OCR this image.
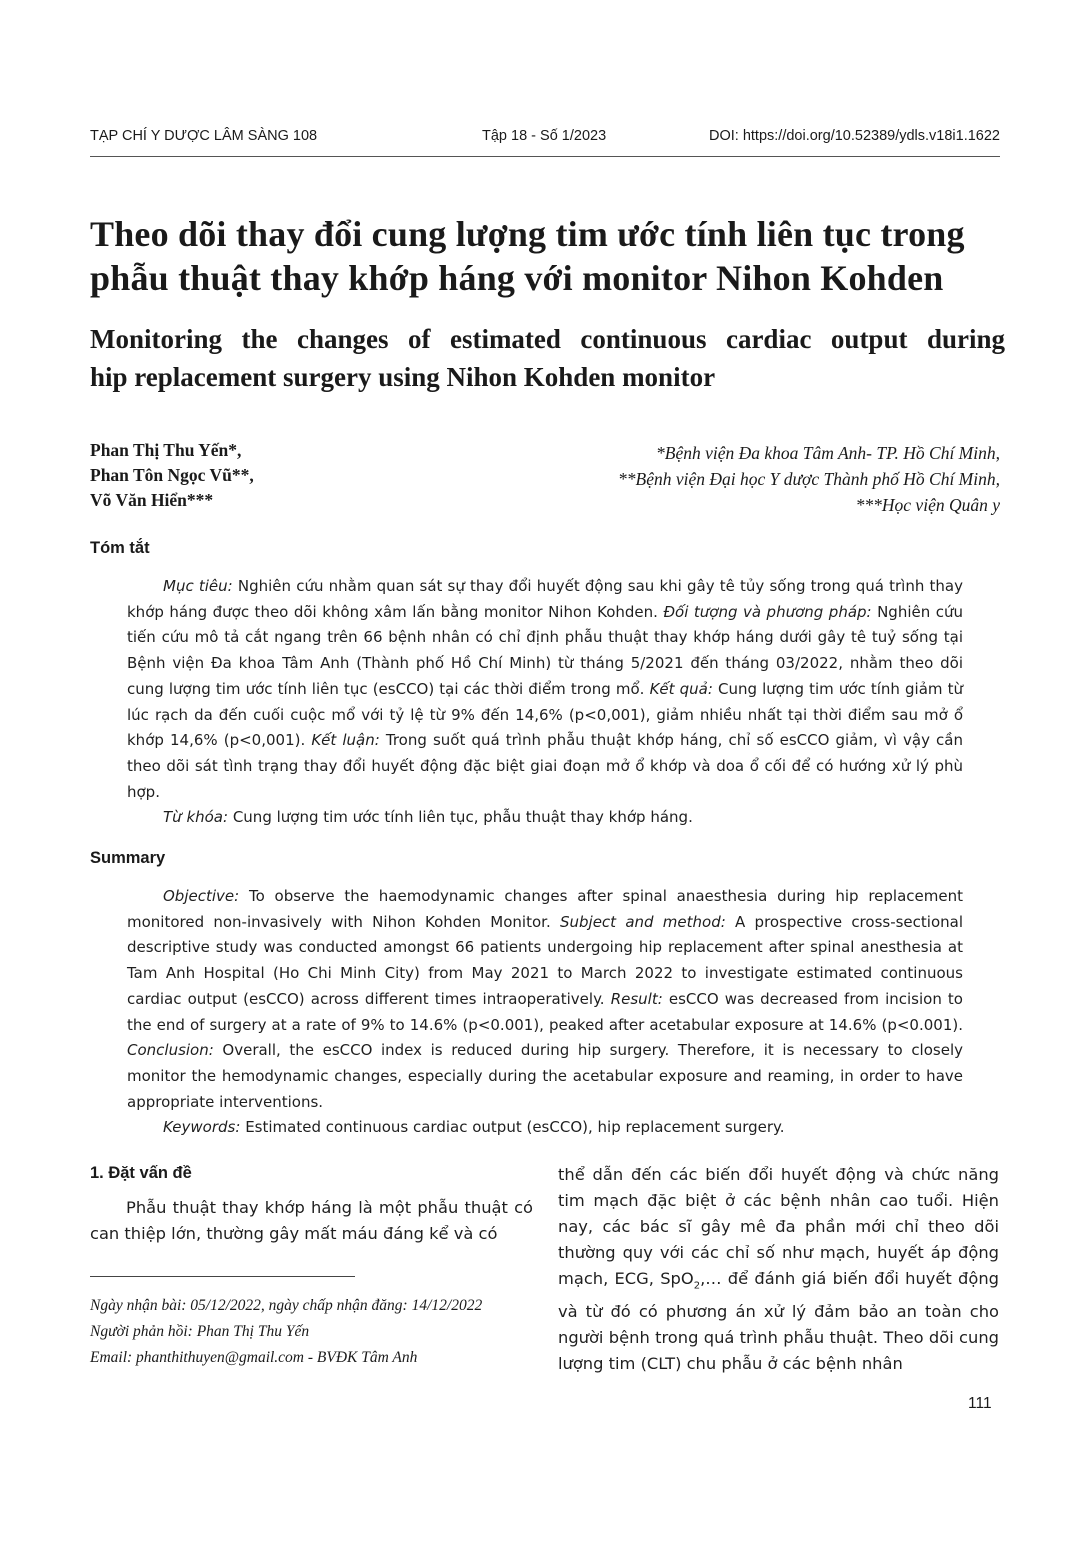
TẠP CHÍ Y DƯỢC LÂM SÀNG 108	Tập 18 - Số 1/2023	DOI: https://doi.org/10.52389/ydls.v18i1.1622
Theo dõi thay đổi cung lượng tim ước tính liên tục trong phẫu thuật thay khớp háng với monitor Nihon Kohden
Monitoring the changes of estimated continuous cardiac output during
hip replacement surgery using Nihon Kohden monitor
Phan Thị Thu Yến*,
Phan Tôn Ngọc Vũ**,
Võ Văn Hiển***
*Bệnh viện Đa khoa Tâm Anh- TP. Hồ Chí Minh,
**Bệnh viện Đại học Y dược Thành phố Hồ Chí Minh,
***Học viện Quân y
Tóm tắt
Mục tiêu: Nghiên cứu nhằm quan sát sự thay đổi huyết động sau khi gây tê tủy sống trong quá trình thay khớp háng được theo dõi không xâm lấn bằng monitor Nihon Kohden. Đối tượng và phương pháp: Nghiên cứu tiến cứu mô tả cắt ngang trên 66 bệnh nhân có chỉ định phẫu thuật thay khớp háng dưới gây tê tuỷ sống tại Bệnh viện Đa khoa Tâm Anh (Thành phố Hồ Chí Minh) từ tháng 5/2021 đến tháng 03/2022, nhằm theo dõi cung lượng tim ước tính liên tục (esCCO) tại các thời điểm trong mổ. Kết quả: Cung lượng tim ước tính giảm từ lúc rạch da đến cuối cuộc mổ với tỷ lệ từ 9% đến 14,6% (p<0,001), giảm nhiều nhất tại thời điểm sau mở ổ khớp 14,6% (p<0,001). Kết luận: Trong suốt quá trình phẫu thuật khớp háng, chỉ số esCCO giảm, vì vậy cần theo dõi sát tình trạng thay đổi huyết động đặc biệt giai đoạn mở ổ khớp và doa ổ cối để có hướng xử lý phù hợp.
Từ khóa: Cung lượng tim ước tính liên tục, phẫu thuật thay khớp háng.
Summary
Objective: To observe the haemodynamic changes after spinal anaesthesia during hip replacement monitored non-invasively with Nihon Kohden Monitor. Subject and method: A prospective cross-sectional descriptive study was conducted amongst 66 patients undergoing hip replacement after spinal anesthesia at Tam Anh Hospital (Ho Chi Minh City) from May 2021 to March 2022 to investigate estimated continuous cardiac output (esCCO) across different times intraoperatively. Result: esCCO was decreased from incision to the end of surgery at a rate of 9% to 14.6% (p<0.001), peaked after acetabular exposure at 14.6% (p<0.001). Conclusion: Overall, the esCCO index is reduced during hip surgery. Therefore, it is necessary to closely monitor the hemodynamic changes, especially during the acetabular exposure and reaming, in order to have appropriate interventions.
Keywords: Estimated continuous cardiac output (esCCO), hip replacement surgery.
1. Đặt vấn đề
Phẫu thuật thay khớp háng là một phẫu thuật có can thiệp lớn, thường gây mất máu đáng kể và có
thể dẫn đến các biến đổi huyết động và chức năng tim mạch đặc biệt ở các bệnh nhân cao tuổi. Hiện nay, các bác sĩ gây mê đa phần mới chỉ theo dõi thường quy với các chỉ số như mạch, huyết áp động mạch, ECG, SpO$_2$,… để đánh giá biến đổi huyết động và từ đó có phương án xử lý đảm bảo an toàn cho người bệnh trong quá trình phẫu thuật. Theo dõi cung lượng tim (CLT) chu phẫu ở các bệnh nhân
Ngày nhận bài: 05/12/2022, ngày chấp nhận đăng: 14/12/2022
Người phản hồi: Phan Thị Thu Yến
Email: phanthithuyen@gmail.com - BVĐK Tâm Anh
111
